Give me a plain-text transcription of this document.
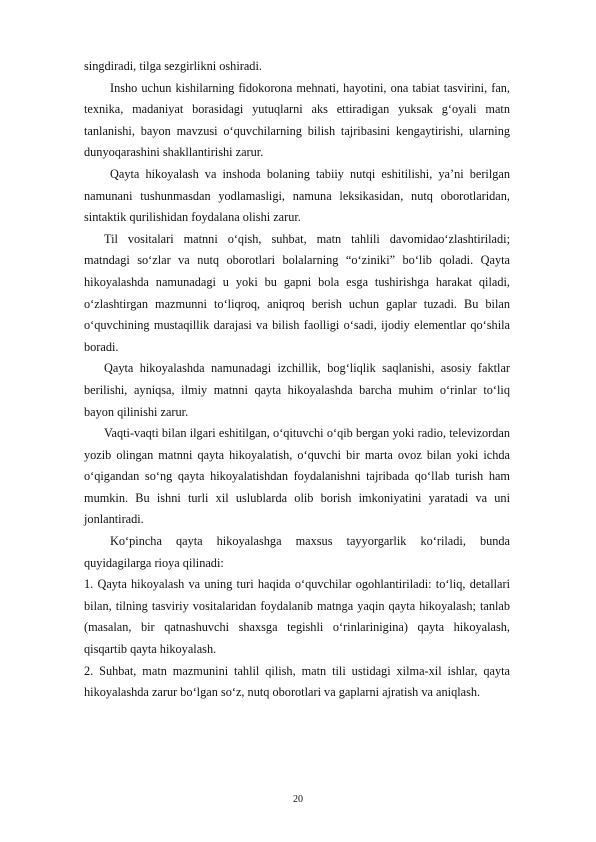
singdiradi, tilga sezgirlikni oshiradi.

Insho uchun kishilarning fidokorona mehnati, hayotini, ona tabiat tasvirini, fan, texnika, madaniyat borasidagi yutuqlarni aks ettiradigan yuksak g‘oyali matn tanlanishi, bayon mavzusi o‘quvchilarning bilish tajribasini kengaytirishi, ularning dunyoqarashini shakllantirishi zarur.

Qayta hikoyalash va inshoda bolaning tabiiy nutqi eshitilishi, ya’ni berilgan namunani tushunmasdan yodlamasligi, namuna leksikasidan, nutq oborotlaridan, sintaktik qurilishidan foydalana olishi zarur.

Til vositalari matnni o‘qish, suhbat, matn tahlili davomidao‘zlashtiriladi; matndagi so‘zlar va nutq oborotlari bolalarning “o‘ziniki” bo‘lib qoladi. Qayta hikoyalashda namunadagi u yoki bu gapni bola esga tushirishga harakat qiladi, o‘zlashtirgan mazmunni to‘liqroq, aniqroq berish uchun gaplar tuzadi. Bu bilan o‘quvchining mustaqillik darajasi va bilish faolligi o‘sadi, ijodiy elementlar qo‘shila boradi.

Qayta hikoyalashda namunadagi izchillik, bog‘liqlik saqlanishi, asosiy faktlar berilishi, ayniqsa, ilmiy matnni qayta hikoyalashda barcha muhim o‘rinlar to‘liq bayon qilinishi zarur.

Vaqti-vaqti bilan ilgari eshitilgan, o‘qituvchi o‘qib bergan yoki radio, televizordan yozib olingan matnni qayta hikoyalatish, o‘quvchi bir marta ovoz bilan yoki ichda o‘qigandan so‘ng qayta hikoyalatishdan foydalanishni tajribada qo‘llab turish ham mumkin. Bu ishni turli xil uslublarda olib borish imkoniyatini yaratadi va uni jonlantiradi.

Ko‘pincha qayta hikoyalashga maxsus tayyorgarlik ko‘riladi, bunda quyidagilarga rioya qilinadi:

1. Qayta hikoyalash va uning turi haqida o‘quvchilar ogohlantiriladi: to‘liq, detallari bilan, tilning tasviriy vositalaridan foydalanib matnga yaqin qayta hikoyalash; tanlab (masalan, bir qatnashuvchi shaxsga tegishli o‘rinlarinigina) qayta hikoyalash, qisqartib qayta hikoyalash.

2. Suhbat, matn mazmunini tahlil qilish, matn tili ustidagi xilma-xil ishlar, qayta hikoyalashda zarur bo‘lgan so‘z, nutq oborotlari va gaplarni ajratish va aniqlash.

20
